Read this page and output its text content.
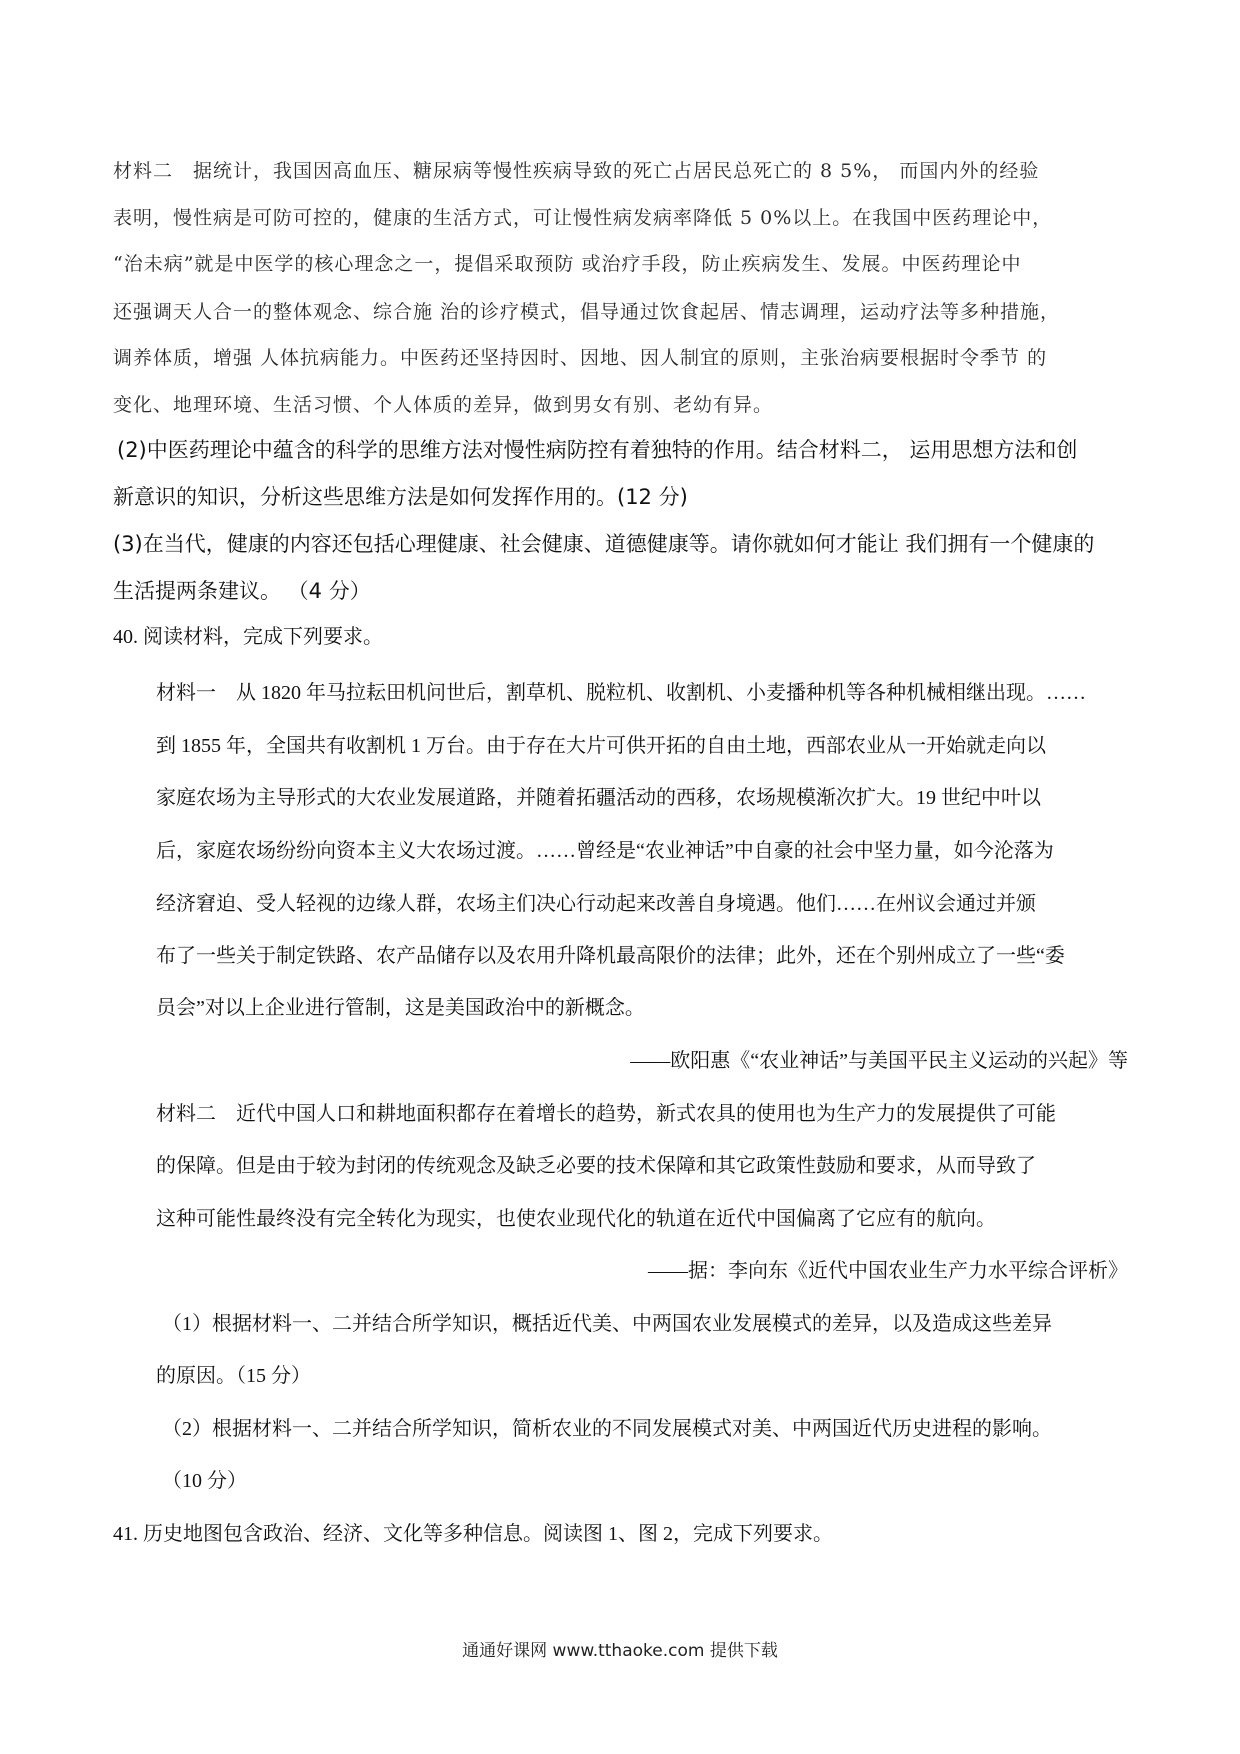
材料二　据统计，我国因高血压、糖尿病等慢性疾病导致的死亡占居民总死亡的 8 5%， 而国内外的经验
表明，慢性病是可防可控的，健康的生活方式，可让慢性病发病率降低 5 0%以上。在我国中医药理论中，
“治未病”就是中医学的核心理念之一，提倡采取预防 或治疗手段，防止疾病发生、发展。中医药理论中
还强调天人合一的整体观念、综合施 治的诊疗模式，倡导通过饮食起居、情志调理，运动疗法等多种措施，
调养体质，增强 人体抗病能力。中医药还坚持因时、因地、因人制宜的原则，主张治病要根据时令季节 的
变化、地理环境、生活习惯、个人体质的差异，做到男女有别、老幼有异。
(2)中医药理论中蕴含的科学的思维方法对慢性病防控有着独特的作用。结合材料二， 运用思想方法和创
新意识的知识，分析这些思维方法是如何发挥作用的。(12 分)
(3)在当代，健康的内容还包括心理健康、社会健康、道德健康等。请你就如何才能让 我们拥有一个健康的
生活提两条建议。 （4 分）
40. 阅读材料，完成下列要求。
材料一　从 1820 年马拉耘田机问世后，割草机、脱粒机、收割机、小麦播种机等各种机械相继出现。……
到 1855 年，全国共有收割机 1 万台。由于存在大片可供开拓的自由土地，西部农业从一开始就走向以
家庭农场为主导形式的大农业发展道路，并随着拓疆活动的西移，农场规模渐次扩大。19 世纪中叶以
后，家庭农场纷纷向资本主义大农场过渡。……曾经是“农业神话”中自豪的社会中坚力量，如今沦落为
经济窘迫、受人轻视的边缘人群，农场主们决心行动起来改善自身境遇。他们……在州议会通过并颁
布了一些关于制定铁路、农产品储存以及农用升降机最高限价的法律；此外，还在个别州成立了一些“委
员会”对以上企业进行管制，这是美国政治中的新概念。
——欧阳惠《“农业神话”与美国平民主义运动的兴起》等
材料二　近代中国人口和耕地面积都存在着增长的趋势，新式农具的使用也为生产力的发展提供了可能
的保障。但是由于较为封闭的传统观念及缺乏必要的技术保障和其它政策性鼓励和要求，从而导致了
这种可能性最终没有完全转化为现实，也使农业现代化的轨道在近代中国偏离了它应有的航向。
——据：李向东《近代中国农业生产力水平综合评析》
（1）根据材料一、二并结合所学知识，概括近代美、中两国农业发展模式的差异，以及造成这些差异
的原因。（15 分）
（2）根据材料一、二并结合所学知识，简析农业的不同发展模式对美、中两国近代历史进程的影响。
（10 分）
41. 历史地图包含政治、经济、文化等多种信息。阅读图 1、图 2，完成下列要求。
通通好课网 www.tthaoke.com 提供下载
